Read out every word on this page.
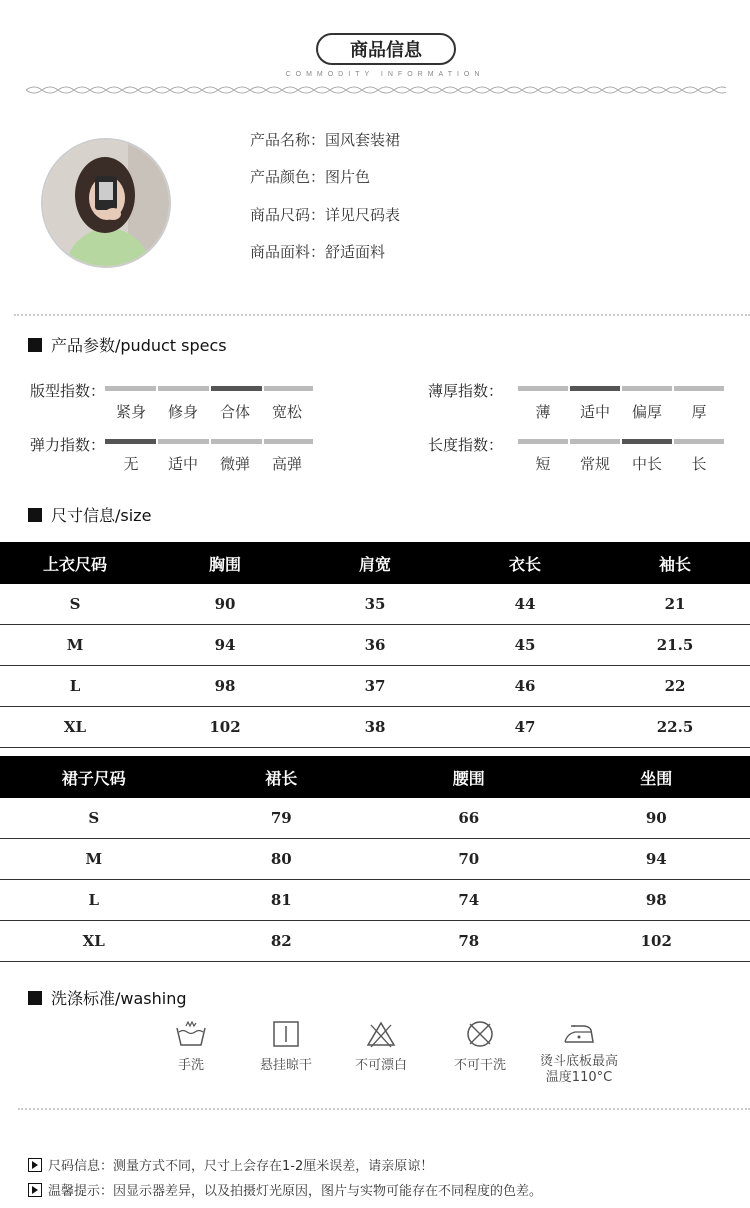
商品信息
COMMODITY INFORMATION
产品名称：国风套装裙
产品颜色：图片色
商品尺码：详见尺码表
商品面料：舒适面料
产品参数/puduct specs
版型指数：
紧身	修身	合体	宽松
薄厚指数：
薄	适中	偏厚	厚
弹力指数：
无	适中	微弹	高弹
长度指数：
短	常规	中长	长
尺寸信息/size
上衣尺码	胸围	肩宽	衣长	袖长
S	90	35	44	21
M	94	36	45	21.5
L	98	37	46	22
XL	102	38	47	22.5
裙子尺码	裙长	腰围	坐围
S	79	66	90
M	80	70	94
L	81	74	98
XL	82	78	102
洗涤标准/washing
手洗	悬挂晾干	不可漂白	不可干洗	烫斗底板最高
温度110°C
尺码信息：测量方式不同，尺寸上会存在1-2厘米误差，请亲原谅！
温馨提示：因显示器差异，以及拍摄灯光原因，图片与实物可能存在不同程度的色差。
